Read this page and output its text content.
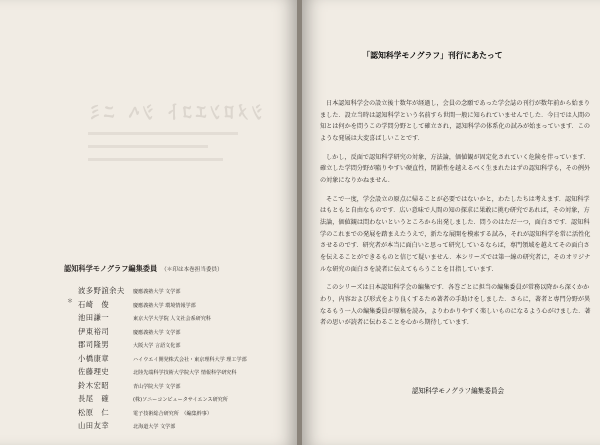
ｼﾒﾛﾝｴｺﾄ ｼﾍ ﾆﾐ
認知科学モノグラフ編集委員 （＊印は本巻担当委員）
波多野誼余夫 慶應義塾大学 文学部
＊ 石崎　俊	慶應義塾大学 環境情報学部
池田謙一	東京大学大学院 人文社会系研究科
伊東裕司	慶應義塾大学 文学部
郡司隆男	大阪大学 言語文化部
小橋康章	ハイウエイ開発株式会社・東京理科大学 理工学部
佐藤理史	北陸先端科学技術大学院大学 情報科学研究科
鈴木宏昭	青山学院大学 文学部
長尾　確	(株)ソニーコンピュータサイエンス研究所
松原　仁	電子技術総合研究所　（編集幹事）
山田友幸	北海道大学 文学部
「認知科学モノグラフ」刊行にあたって

日本認知科学会の設立後十数年が経過し，会員の念願であった学会誌の刊行が数年前から始まりました．設立当時は認知科学という名前すら世間一般に知られていませんでした．今日では人間の知とは何かを問うこの学問分野として確立され，認知科学の体系化の試みが始まっています．このような発展は大変喜ばしいことです．

しかし，反面で認知科学研究の対象，方法論，価値観が固定化されていく危険を伴っています．確立した学問分野が陥りやすい硬直性，閉鎖性を越えるべく生まれたはずの認知科学も，その例外の対象になりかねません．

そこで一度，学会設立の原点に帰ることが必要ではないかと，わたしたちは考えます．認知科学はもともと自由なものです．広い意味で人間の知の探求に果敢に挑む研究であれば，その対象，方法論，価値観は問わないというところから出発しました．問うのはただ一つ，面白さです．認知科学のこれまでの発展を踏まえたうえで，新たな展開を模索する試み，それが認知科学を常に活性化させるのです．研究者が本当に面白いと思って研究しているならば，専門領域を越えてその面白さを伝えることができるものと信じて疑いません．本シリーズでは第一線の研究者に，そのオリジナルな研究の面白さを読者に伝えてもらうことを目指しています．

このシリーズは日本認知科学会の編集です．各巻ごとに担当の編集委員が常務以降から深くかかわり，内容および形式をより良くするため著者の手助けをしました．さらに，著者と専門分野が異なるもう一人の編集委員が原稿を読み，よりわかりやすく楽しいものになるよう心がけました．著者の思いが読者に伝わることを心から期待しています．

認知科学モノグラフ編集委員会
